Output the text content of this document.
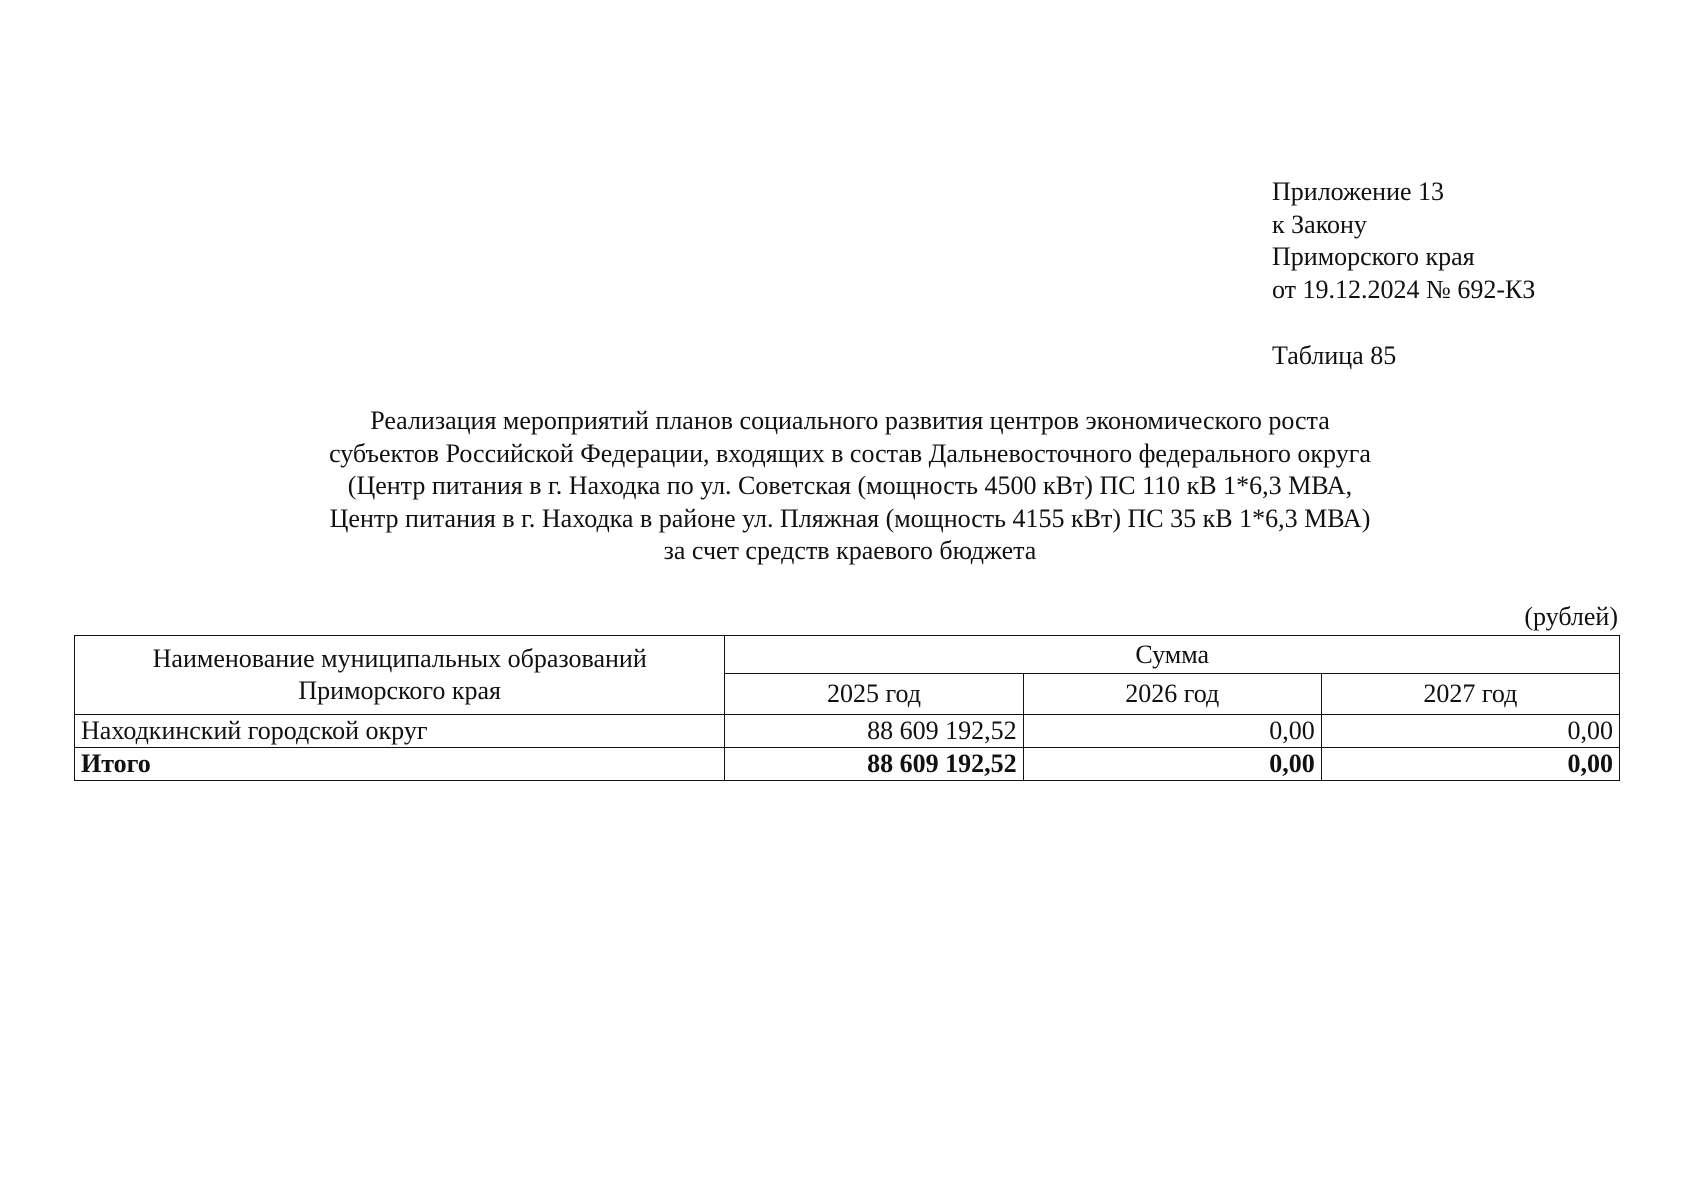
Приложение 13
к Закону
Приморского края
от 19.12.2024 № 692-КЗ
Таблица 85
Реализация мероприятий планов социального развития центров экономического роста
субъектов Российской Федерации, входящих в состав Дальневосточного федерального округа
(Центр питания в г. Находка по ул. Советская (мощность 4500 кВт) ПС 110 кВ 1*6,3 МВА,
Центр питания в г. Находка в районе ул. Пляжная (мощность 4155 кВт) ПС 35 кВ 1*6,3 МВА)
за счет средств краевого бюджета
(рублей)
Наименование муниципальных образований
Приморского края	Сумма		
	2025 год	2026 год	2027 год
Находкинский городской округ	88 609 192,52	0,00	0,00
Итого	88 609 192,52	0,00	0,00
